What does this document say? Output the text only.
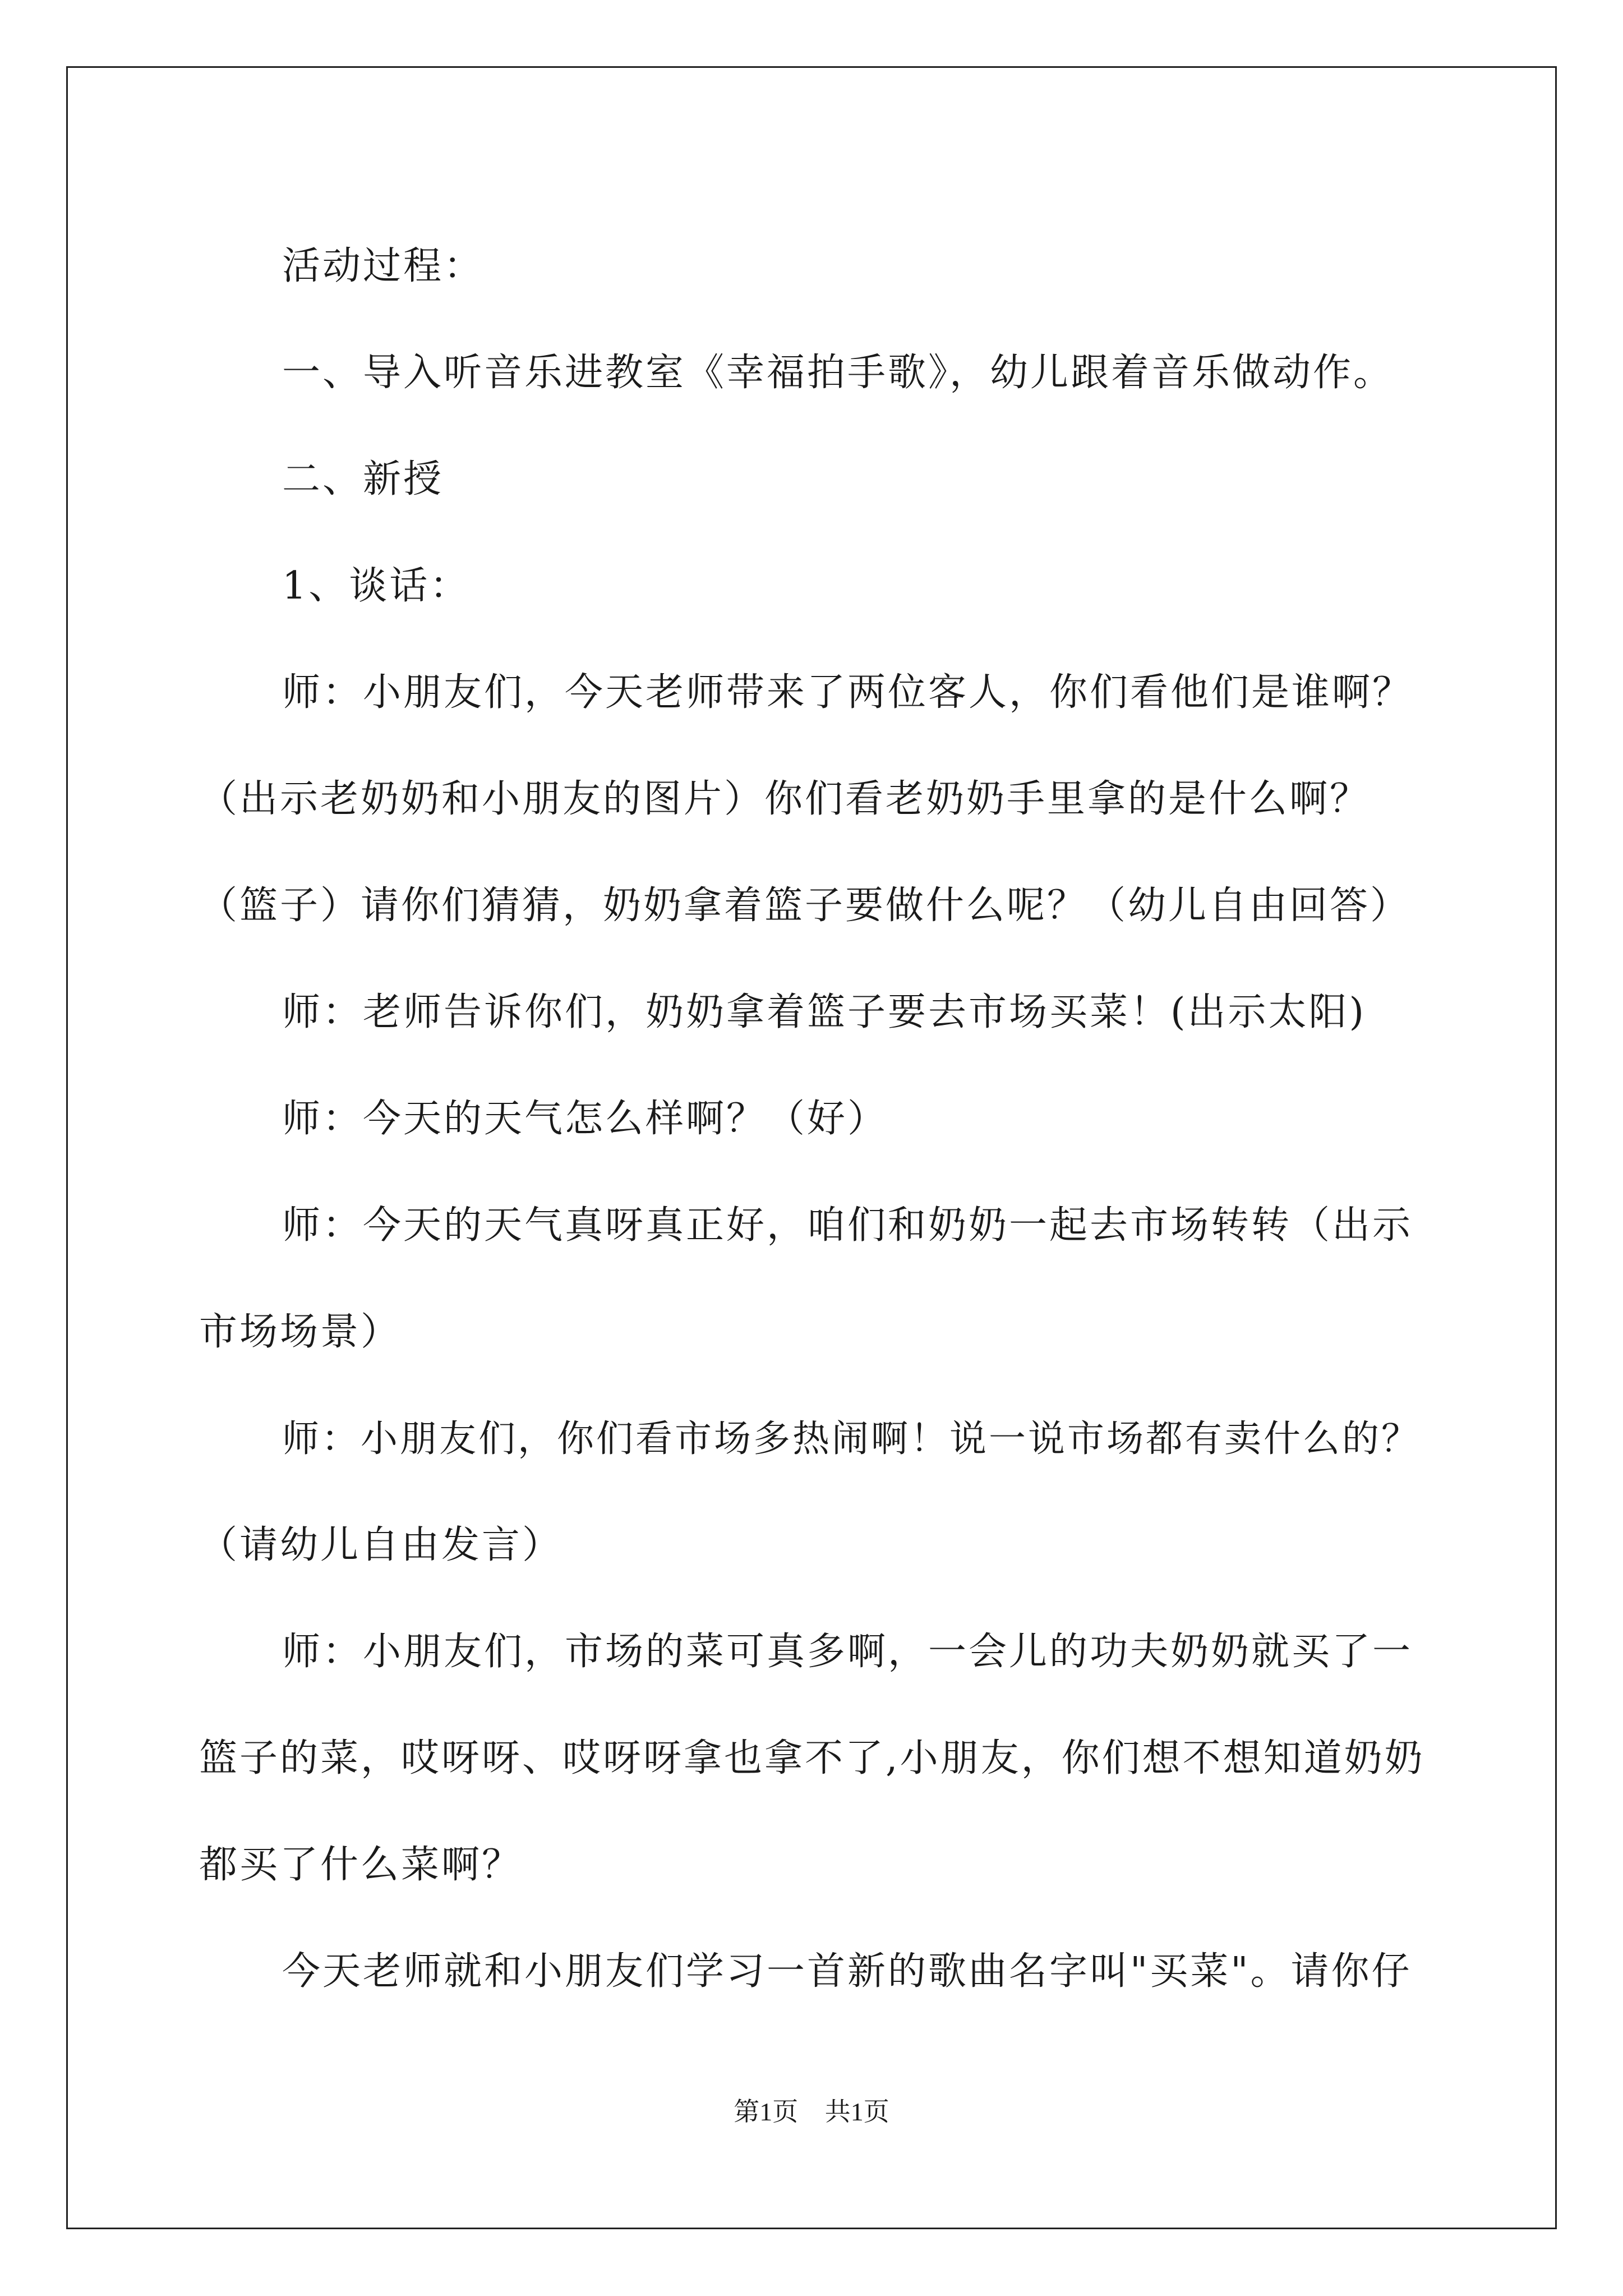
活动过程：

一、导入听音乐进教室《幸福拍手歌》，幼儿跟着音乐做动作。

二、新授

1、谈话：

师：小朋友们，今天老师带来了两位客人，你们看他们是谁啊？

（出示老奶奶和小朋友的图片）你们看老奶奶手里拿的是什么啊？

（篮子）请你们猜猜，奶奶拿着篮子要做什么呢？（幼儿自由回答）

师：老师告诉你们，奶奶拿着篮子要去市场买菜！(出示太阳)

师：今天的天气怎么样啊？（好）

师：今天的天气真呀真正好，咱们和奶奶一起去市场转转（出示

市场场景）

师：小朋友们，你们看市场多热闹啊！说一说市场都有卖什么的？

（请幼儿自由发言）

师：小朋友们，市场的菜可真多啊，一会儿的功夫奶奶就买了一

篮子的菜，哎呀呀、哎呀呀拿也拿不了,小朋友，你们想不想知道奶奶

都买了什么菜啊？

今天老师就和小朋友们学习一首新的歌曲名字叫"买菜"。请你仔

第1页 共1页
